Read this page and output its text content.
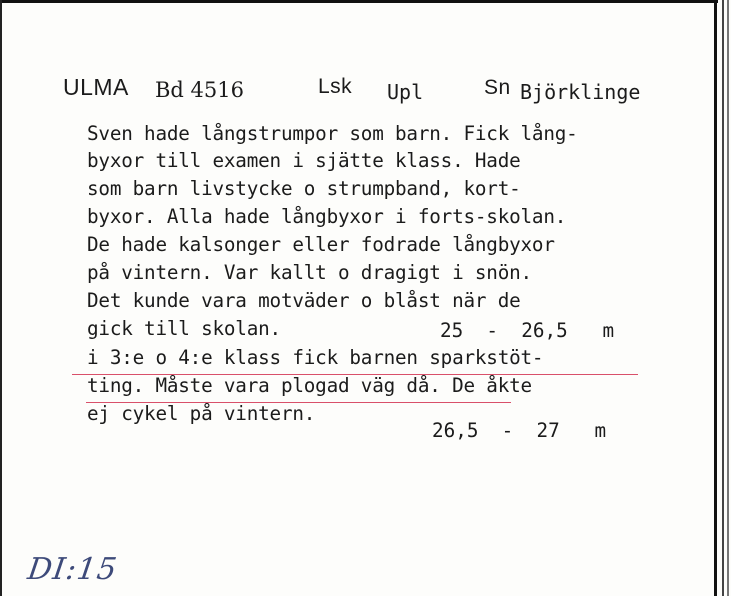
ULMA Bd 4516	Lsk Upl	Sn Björklinge
Sven hade långstrumpor som barn. Fick lång-
byxor till examen i sjätte klass. Hade
som barn livstycke o strumpband, kort-
byxor. Alla hade långbyxor i forts-skolan.
De hade kalsonger eller fodrade långbyxor
på vintern. Var kallt o dragigt i snön.
Det kunde vara motväder o blåst när de
gick till skolan.
i 3:e o 4:e klass fick barnen sparkstöt-
ting. Måste vara plogad väg då. De åkte
ej cykel på vintern.
25  -  26,5   m
26,5  -  27   m
DI:15
